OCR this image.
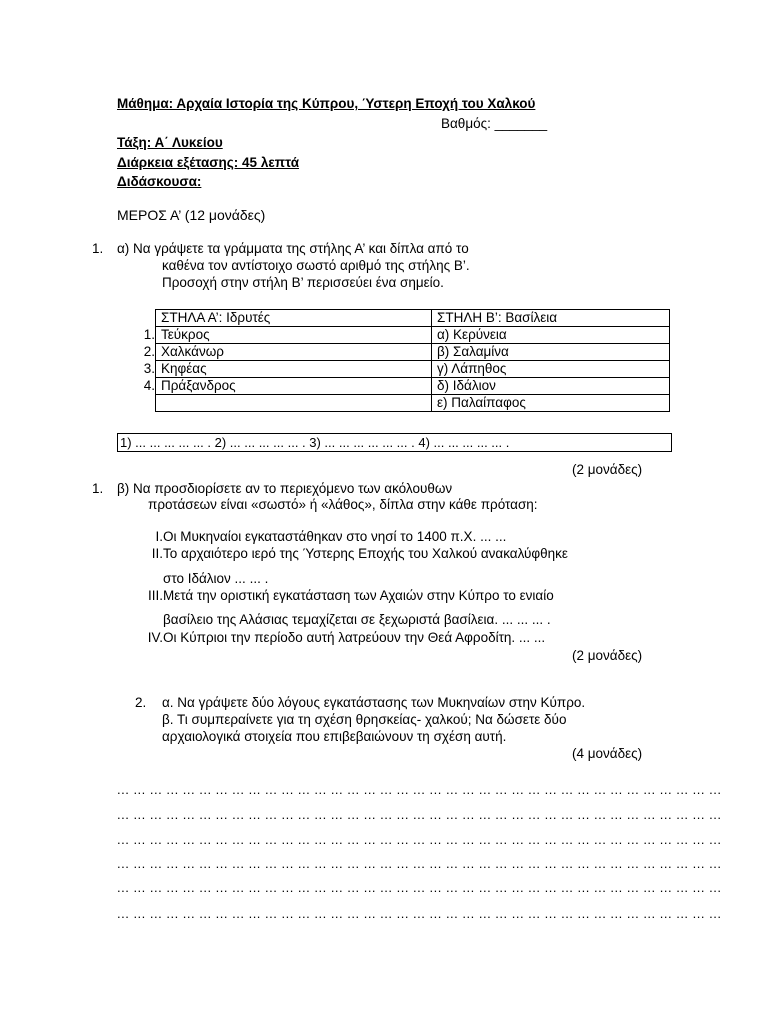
Μάθημα: Αρχαία Ιστορία της Κύπρου, Ύστερη Εποχή του Χαλκού
Βαθμός: _______
Τάξη: Α΄ Λυκείου
Διάρκεια εξέτασης: 45 λεπτά
Διδάσκουσα:
ΜΕΡΟΣ Α’ (12 μονάδες)
1. α) Να γράψετε τα γράμματα της στήλης Α’ και δίπλα από το
καθένα τον αντίστοιχο σωστό αριθμό της στήλης Β’.
Προσοχή στην στήλη Β’ περισσεύει ένα σημείο.
1.
2.
3.
4.
ΣΤΗΛΑ Α’: Ιδρυτές	ΣΤΗΛΗ Β’: Βασίλεια
Τεύκρος	α) Κερύνεια
Χαλκάνωρ	β) Σαλαμίνα
Κηφέας	γ) Λάπηθος
Πράξανδρος	δ) Ιδάλιον
	ε) Παλαίπαφος
1) ... ... ... ... ... . 2) ... ... ... ... ... . 3) ... ... ... ... ... ... . 4) ... ... ... ... ... .
(2 μονάδες)
1. β) Να προσδιορίσετε αν το περιεχόμενο των ακόλουθων
προτάσεων είναι «σωστό» ή «λάθος», δίπλα στην κάθε πρόταση:
I. Οι Μυκηναίοι εγκαταστάθηκαν στο νησί το 1400 π.Χ. ... ...
II. Το αρχαιότερο ιερό της Ύστερης Εποχής του Χαλκού ανακαλύφθηκε
στο Ιδάλιον ... ... .
III. Μετά την οριστική εγκατάσταση των Αχαιών στην Κύπρο το ενιαίο
βασίλειο της Αλάσιας τεμαχίζεται σε ξεχωριστά βασίλεια. ... ... ... .
IV. Οι Κύπριοι την περίοδο αυτή λατρεύουν την Θεά Αφροδίτη. ... ...
(2 μονάδες)
2. α. Να γράψετε δύο λόγους εγκατάστασης των Μυκηναίων στην Κύπρο.
β. Τι συμπεραίνετε για τη σχέση θρησκείας- χαλκού; Να δώσετε δύο
αρχαιολογικά στοιχεία που επιβεβαιώνουν τη σχέση αυτή.
(4 μονάδες)
... ... ... ... ... ... ... ... ... ... ... ... ... ... ... ... ... ... ... ... ... ... ... ... ... ... ... ... ... ... ... ... ... ... ... ... ...
... ... ... ... ... ... ... ... ... ... ... ... ... ... ... ... ... ... ... ... ... ... ... ... ... ... ... ... ... ... ... ... ... ... ... ... ...
... ... ... ... ... ... ... ... ... ... ... ... ... ... ... ... ... ... ... ... ... ... ... ... ... ... ... ... ... ... ... ... ... ... ... ... ...
... ... ... ... ... ... ... ... ... ... ... ... ... ... ... ... ... ... ... ... ... ... ... ... ... ... ... ... ... ... ... ... ... ... ... ... ...
... ... ... ... ... ... ... ... ... ... ... ... ... ... ... ... ... ... ... ... ... ... ... ... ... ... ... ... ... ... ... ... ... ... ... ... ...
... ... ... ... ... ... ... ... ... ... ... ... ... ... ... ... ... ... ... ... ... ... ... ... ... ... ... ... ... ... ... ... ... ... ... ... ...
